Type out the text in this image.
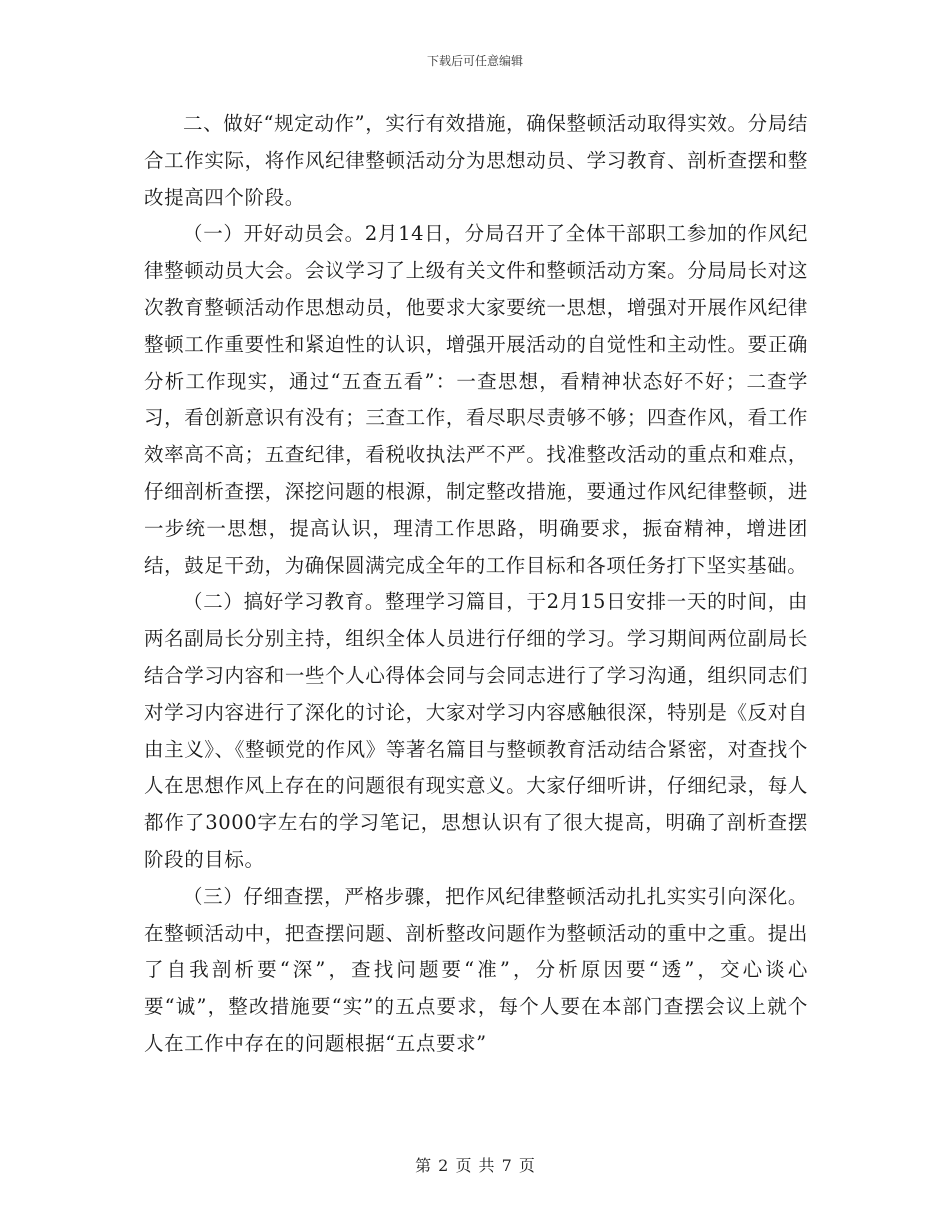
下载后可任意编辑

二、做好“规定动作”，实行有效措施，确保整顿活动取得实效。分局结合工作实际，将作风纪律整顿活动分为思想动员、学习教育、剖析查摆和整改提高四个阶段。

（一）开好动员会。2月14日，分局召开了全体干部职工参加的作风纪律整顿动员大会。会议学习了上级有关文件和整顿活动方案。分局局长对这次教育整顿活动作思想动员，他要求大家要统一思想，增强对开展作风纪律整顿工作重要性和紧迫性的认识，增强开展活动的自觉性和主动性。要正确分析工作现实，通过“五查五看”：一查思想，看精神状态好不好；二查学习，看创新意识有没有；三查工作，看尽职尽责够不够；四查作风，看工作效率高不高；五查纪律，看税收执法严不严。找准整改活动的重点和难点，仔细剖析查摆，深挖问题的根源，制定整改措施，要通过作风纪律整顿，进一步统一思想，提高认识，理清工作思路，明确要求，振奋精神，增进团结，鼓足干劲，为确保圆满完成全年的工作目标和各项任务打下坚实基础。

（二）搞好学习教育。整理学习篇目，于2月15日安排一天的时间，由两名副局长分别主持，组织全体人员进行仔细的学习。学习期间两位副局长结合学习内容和一些个人心得体会同与会同志进行了学习沟通，组织同志们对学习内容进行了深化的讨论，大家对学习内容感触很深，特别是《反对自由主义》、《整顿党的作风》等著名篇目与整顿教育活动结合紧密，对查找个人在思想作风上存在的问题很有现实意义。大家仔细听讲，仔细纪录，每人都作了3000字左右的学习笔记，思想认识有了很大提高，明确了剖析查摆阶段的目标。

（三）仔细查摆，严格步骤，把作风纪律整顿活动扎扎实实引向深化。在整顿活动中，把查摆问题、剖析整改问题作为整顿活动的重中之重。提出了自我剖析要“深”，查找问题要“准”，分析原因要“透”，交心谈心要“诚”，整改措施要“实”的五点要求，每个人要在本部门查摆会议上就个人在工作中存在的问题根据“五点要求”

第 2 页 共 7 页
